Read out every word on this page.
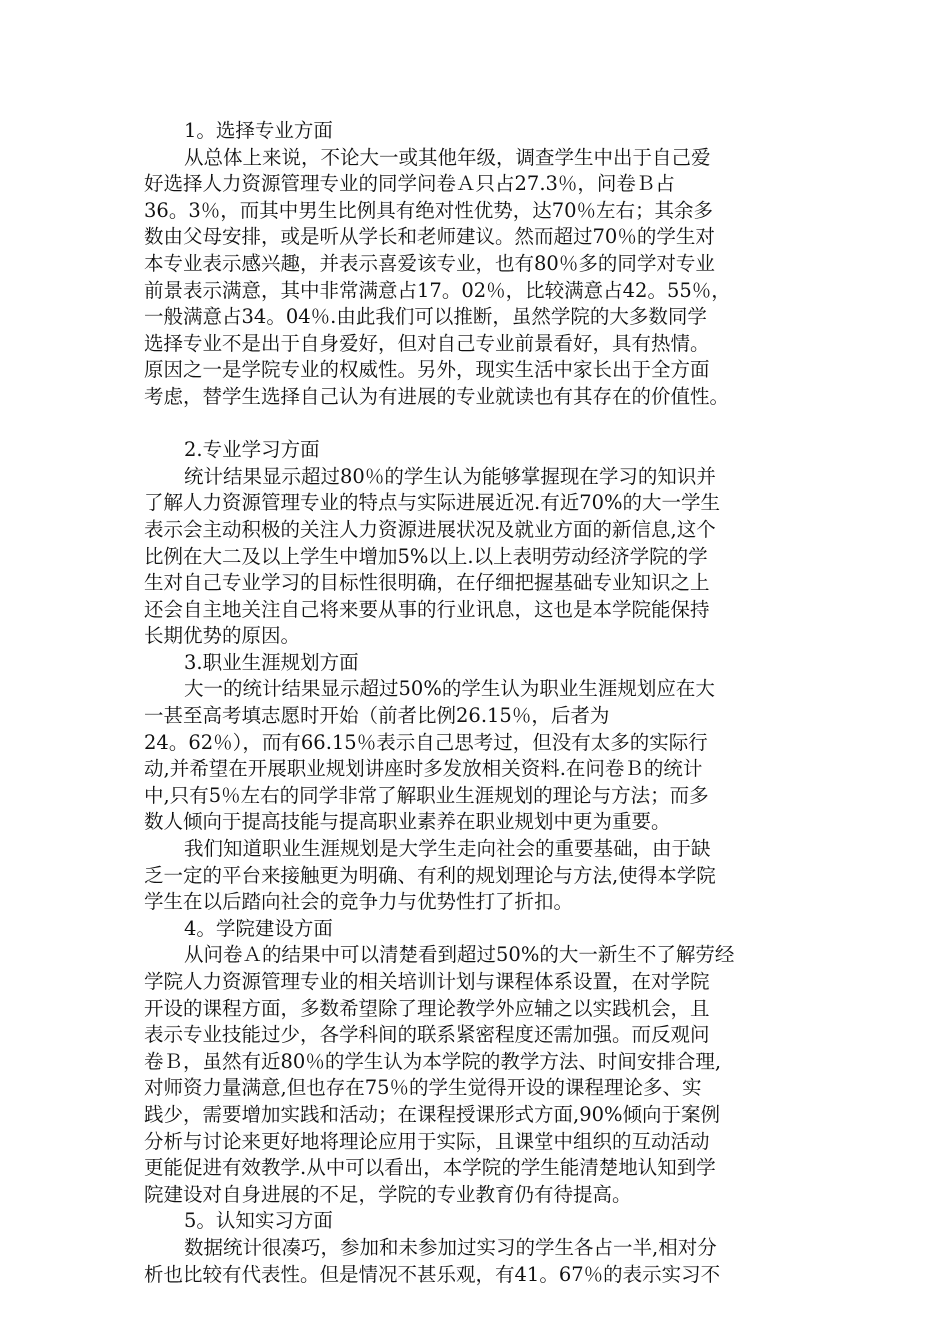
1。选择专业方面
从总体上来说，不论大一或其他年级，调查学生中出于自己爱
好选择人力资源管理专业的同学问卷Ａ只占27.3％，问卷Ｂ占
36。3％，而其中男生比例具有绝对性优势，达70％左右；其余多
数由父母安排，或是听从学长和老师建议。然而超过70％的学生对
本专业表示感兴趣，并表示喜爱该专业，也有80％多的同学对专业
前景表示满意，其中非常满意占17。02％，比较满意占42。55％，
一般满意占34。04％.由此我们可以推断，虽然学院的大多数同学
选择专业不是出于自身爱好，但对自己专业前景看好，具有热情。
原因之一是学院专业的权威性。另外，现实生活中家长出于全方面
考虑，替学生选择自己认为有进展的专业就读也有其存在的价值性。
2.专业学习方面
统计结果显示超过80％的学生认为能够掌握现在学习的知识并
了解人力资源管理专业的特点与实际进展近况.有近70%的大一学生
表示会主动积极的关注人力资源进展状况及就业方面的新信息,这个
比例在大二及以上学生中增加5%以上.以上表明劳动经济学院的学
生对自己专业学习的目标性很明确，在仔细把握基础专业知识之上
还会自主地关注自己将来要从事的行业讯息，这也是本学院能保持
长期优势的原因。
3.职业生涯规划方面
大一的统计结果显示超过50%的学生认为职业生涯规划应在大
一甚至高考填志愿时开始（前者比例26.15％，后者为
24。62％），而有66.15％表示自己思考过，但没有太多的实际行
动,并希望在开展职业规划讲座时多发放相关资料.在问卷Ｂ的统计
中,只有5％左右的同学非常了解职业生涯规划的理论与方法；而多
数人倾向于提高技能与提高职业素养在职业规划中更为重要。
我们知道职业生涯规划是大学生走向社会的重要基础，由于缺
乏一定的平台来接触更为明确、有利的规划理论与方法,使得本学院
学生在以后踏向社会的竞争力与优势性打了折扣。
4。学院建设方面
从问卷Ａ的结果中可以清楚看到超过50%的大一新生不了解劳经
学院人力资源管理专业的相关培训计划与课程体系设置，在对学院
开设的课程方面，多数希望除了理论教学外应辅之以实践机会，且
表示专业技能过少，各学科间的联系紧密程度还需加强。而反观问
卷Ｂ，虽然有近80％的学生认为本学院的教学方法、时间安排合理,
对师资力量满意,但也存在75％的学生觉得开设的课程理论多、实
践少，需要增加实践和活动；在课程授课形式方面,90%倾向于案例
分析与讨论来更好地将理论应用于实际，且课堂中组织的互动活动
更能促进有效教学.从中可以看出，本学院的学生能清楚地认知到学
院建设对自身进展的不足，学院的专业教育仍有待提高。
5。认知实习方面
数据统计很凑巧，参加和未参加过实习的学生各占一半,相对分
析也比较有代表性。但是情况不甚乐观，有41。67％的表示实习不
